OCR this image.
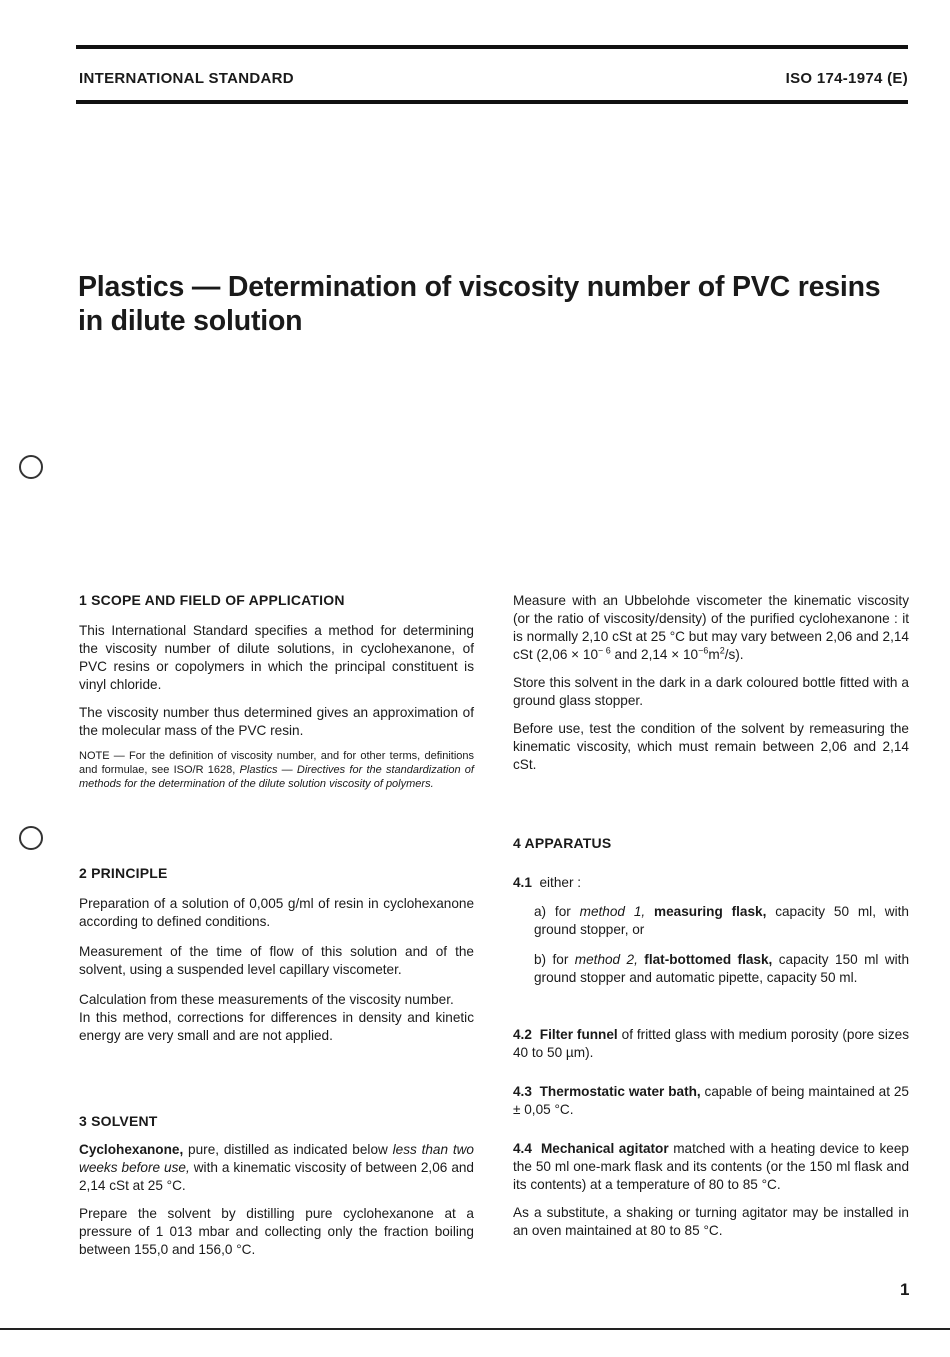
INTERNATIONAL STANDARD	ISO 174-1974 (E)
Plastics — Determination of viscosity number of PVC resins
in dilute solution
1 SCOPE AND FIELD OF APPLICATION

This International Standard specifies a method for determining the viscosity number of dilute solutions, in cyclohexanone, of PVC resins or copolymers in which the principal constituent is vinyl chloride.

The viscosity number thus determined gives an approximation of the molecular mass of the PVC resin.

NOTE — For the definition of viscosity number, and for other terms, definitions and formulae, see ISO/R 1628, Plastics — Directives for the standardization of methods for the determination of the dilute solution viscosity of polymers.

2 PRINCIPLE

Preparation of a solution of 0,005 g/ml of resin in cyclohexanone according to defined conditions.

Measurement of the time of flow of this solution and of the solvent, using a suspended level capillary viscometer.

Calculation from these measurements of the viscosity number.

In this method, corrections for differences in density and kinetic energy are very small and are not applied.

3 SOLVENT

Cyclohexanone, pure, distilled as indicated below less than two weeks before use, with a kinematic viscosity of between 2,06 and 2,14 cSt at 25 °C.

Prepare the solvent by distilling pure cyclohexanone at a pressure of 1 013 mbar and collecting only the fraction boiling between 155,0 and 156,0 °C.

Measure with an Ubbelohde viscometer the kinematic viscosity (or the ratio of viscosity/density) of the purified cyclohexanone : it is normally 2,10 cSt at 25 °C but may vary between 2,06 and 2,14 cSt ($2,06 \times 10^{- 6}$ and $2,14 \times 10^{-6}m^2/s$).

Store this solvent in the dark in a dark coloured bottle fitted with a ground glass stopper.

Before use, test the condition of the solvent by remeasuring the kinematic viscosity, which must remain between 2,06 and 2,14 cSt.

4 APPARATUS
4.1 either :

a) for method 1, measuring flask, capacity 50 ml, with ground stopper, or

b) for method 2, flat-bottomed flask, capacity 150 ml with ground stopper and automatic pipette, capacity 50 ml.

4.2 Filter funnel of fritted glass with medium porosity (pore sizes 40 to 50 µm).

4.3 Thermostatic water bath, capable of being maintained at 25 ± 0,05 °C.

4.4 Mechanical agitator matched with a heating device to keep the 50 ml one-mark flask and its contents (or the 150 ml flask and its contents) at a temperature of 80 to 85 °C.

As a substitute, a shaking or turning agitator may be installed in an oven maintained at 80 to 85 °C.

1
